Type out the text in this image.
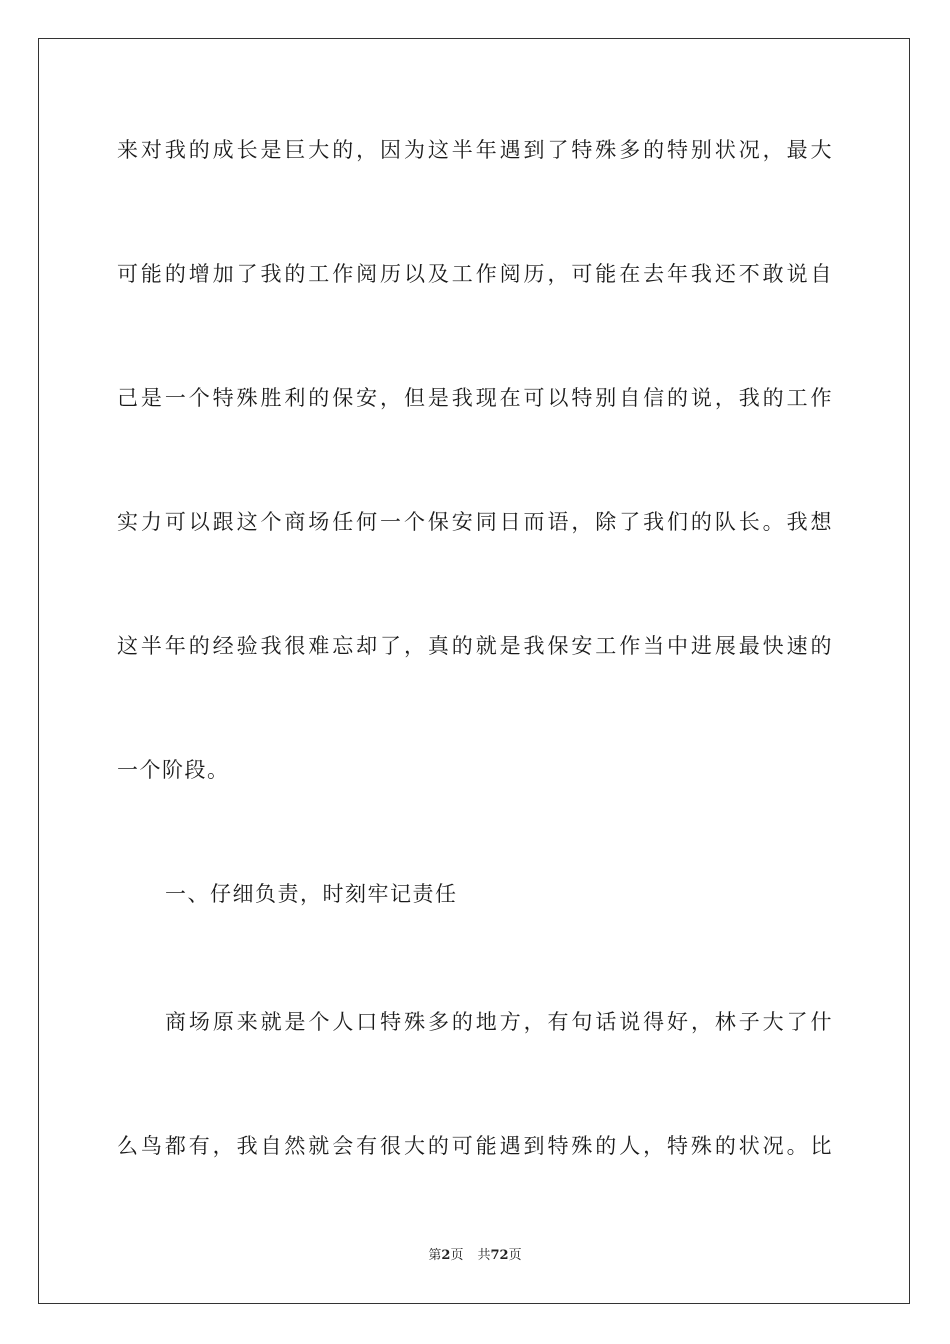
来对我的成长是巨大的，因为这半年遇到了特殊多的特别状况，最大
可能的增加了我的工作阅历以及工作阅历，可能在去年我还不敢说自
己是一个特殊胜利的保安，但是我现在可以特别自信的说，我的工作
实力可以跟这个商场任何一个保安同日而语，除了我们的队长。我想
这半年的经验我很难忘却了，真的就是我保安工作当中进展最快速的
一个阶段。
一、仔细负责，时刻牢记责任
商场原来就是个人口特殊多的地方，有句话说得好，林子大了什
么鸟都有，我自然就会有很大的可能遇到特殊的人，特殊的状况。比
第2页 共72页
